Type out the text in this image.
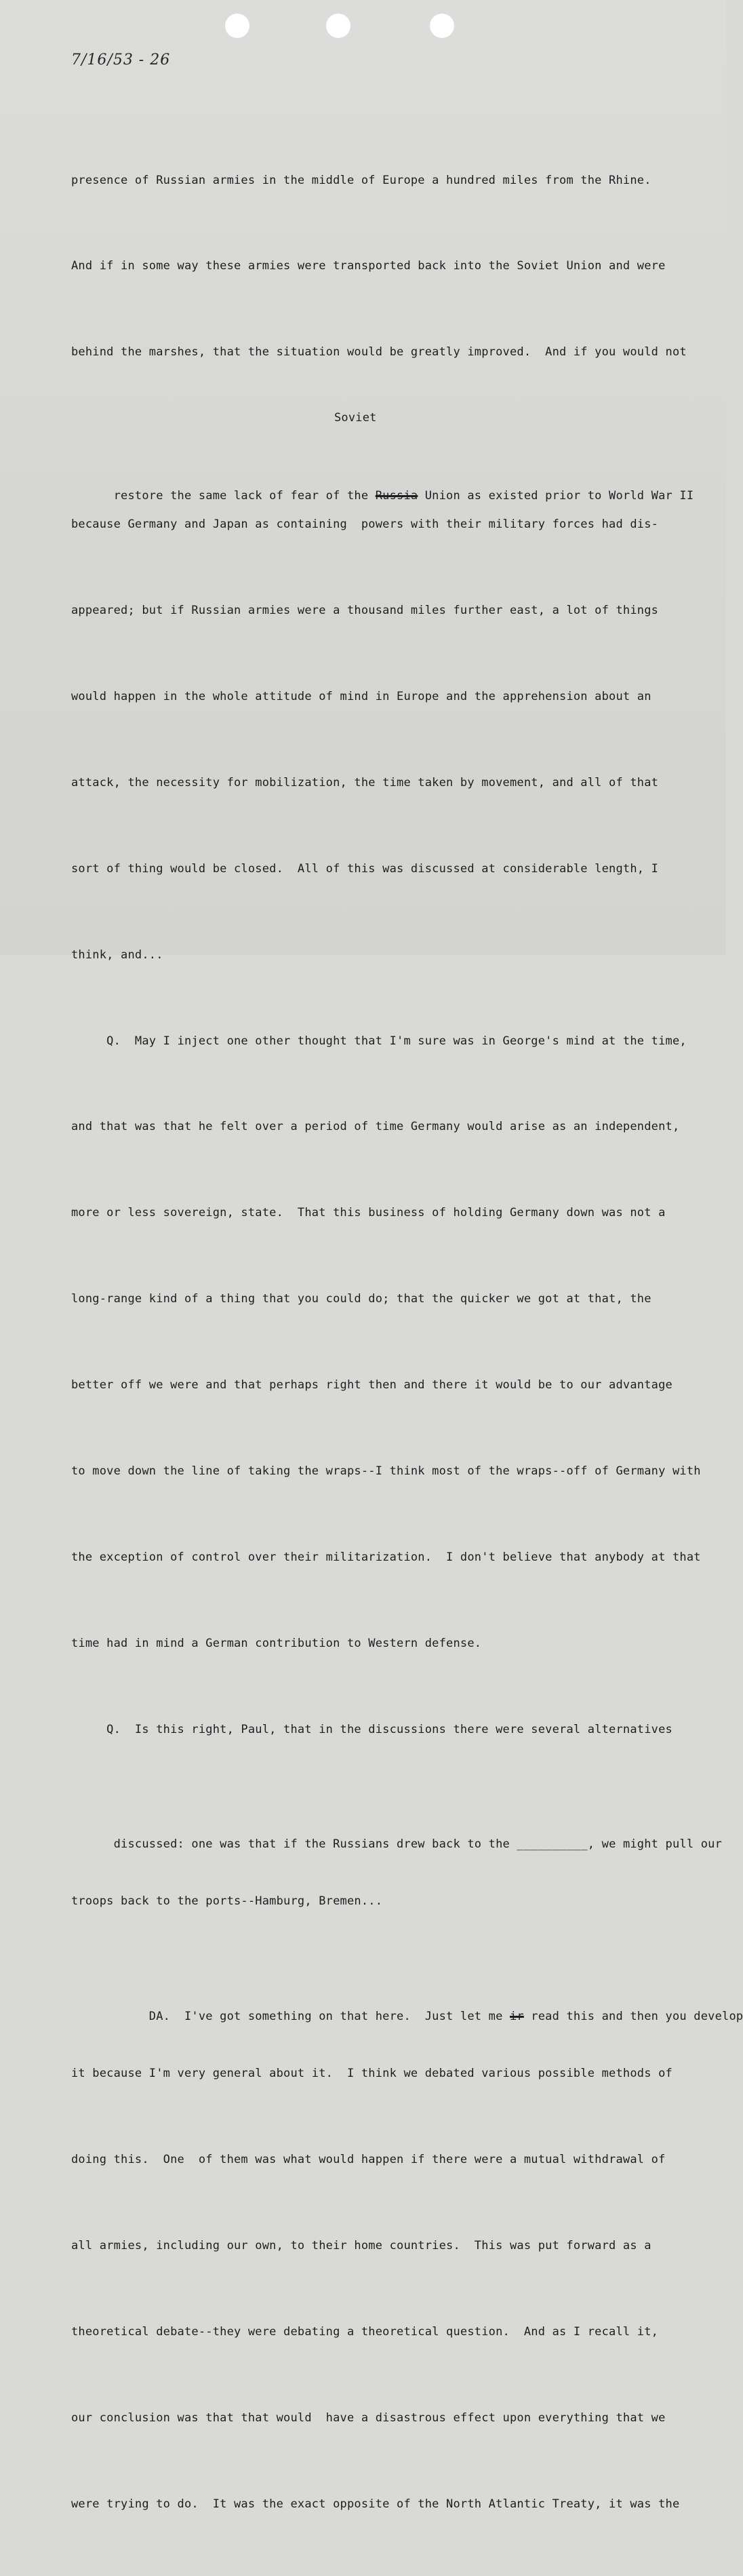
7/16/53 - 26

presence of Russian armies in the middle of Europe a hundred miles from the Rhine.

And if in some way these armies were transported back into the Soviet Union and were

behind the marshes, that the situation would be greatly improved.  And if you would not

Soviet

restore the same lack of fear of the Russia Union as existed prior to World War II

because Germany and Japan as containing  powers with their military forces had dis-

appeared; but if Russian armies were a thousand miles further east, a lot of things

would happen in the whole attitude of mind in Europe and the apprehension about an

attack, the necessity for mobilization, the time taken by movement, and all of that

sort of thing would be closed.  All of this was discussed at considerable length, I

think, and...

Q.  May I inject one other thought that I'm sure was in George's mind at the time,

and that was that he felt over a period of time Germany would arise as an independent,

more or less sovereign, state.  That this business of holding Germany down was not a

long-range kind of a thing that you could do; that the quicker we got at that, the

better off we were and that perhaps right then and there it would be to our advantage

to move down the line of taking the wraps--I think most of the wraps--off of Germany with

the exception of control over their militarization.  I don't believe that anybody at that

time had in mind a German contribution to Western defense.

Q.  Is this right, Paul, that in the discussions there were several alternatives

discussed: one was that if the Russians drew back to the __________, we might pull our

troops back to the ports--Hamburg, Bremen...

DA.  I've got something on that here.  Just let me ir read this and then you develop

it because I'm very general about it.  I think we debated various possible methods of

doing this.  One  of them was what would happen if there were a mutual withdrawal of

all armies, including our own, to their home countries.  This was put forward as a

theoretical debate--they were debating a theoretical question.  And as I recall it,

our conclusion was that that would  have a disastrous effect upon everything that we

were trying to do.  It was the exact opposite of the North Atlantic Treaty, it was the
